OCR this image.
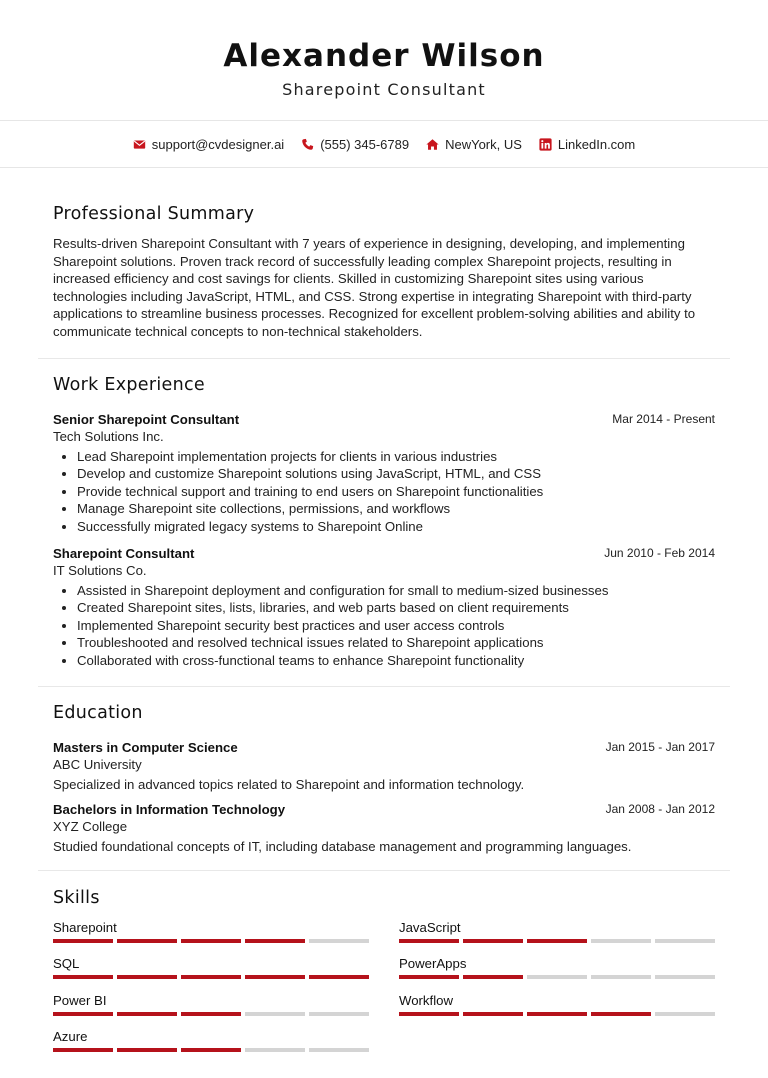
Alexander Wilson
Sharepoint Consultant
support@cvdesigner.ai	(555) 345-6789	NewYork, US	LinkedIn.com
Professional Summary

Results-driven Sharepoint Consultant with 7 years of experience in designing, developing, and implementing Sharepoint solutions. Proven track record of successfully leading complex Sharepoint projects, resulting in increased efficiency and cost savings for clients. Skilled in customizing Sharepoint sites using various technologies including JavaScript, HTML, and CSS. Strong expertise in integrating Sharepoint with third-party applications to streamline business processes. Recognized for excellent problem-solving abilities and ability to communicate technical concepts to non-technical stakeholders.

Work Experience
Senior Sharepoint Consultant	Mar 2014 - Present
Tech Solutions Inc.
• Lead Sharepoint implementation projects for clients in various industries
• Develop and customize Sharepoint solutions using JavaScript, HTML, and CSS
• Provide technical support and training to end users on Sharepoint functionalities
• Manage Sharepoint site collections, permissions, and workflows
• Successfully migrated legacy systems to Sharepoint Online
Sharepoint Consultant	Jun 2010 - Feb 2014
IT Solutions Co.
• Assisted in Sharepoint deployment and configuration for small to medium-sized businesses
• Created Sharepoint sites, lists, libraries, and web parts based on client requirements
• Implemented Sharepoint security best practices and user access controls
• Troubleshooted and resolved technical issues related to Sharepoint applications
• Collaborated with cross-functional teams to enhance Sharepoint functionality
Education
Masters in Computer Science	Jan 2015 - Jan 2017
ABC University
Specialized in advanced topics related to Sharepoint and information technology.
Bachelors in Information Technology	Jan 2008 - Jan 2012
XYZ College
Studied foundational concepts of IT, including database management and programming languages.
Skills
Sharepoint	JavaScript
SQL	PowerApps
Power BI	Workflow
Azure
